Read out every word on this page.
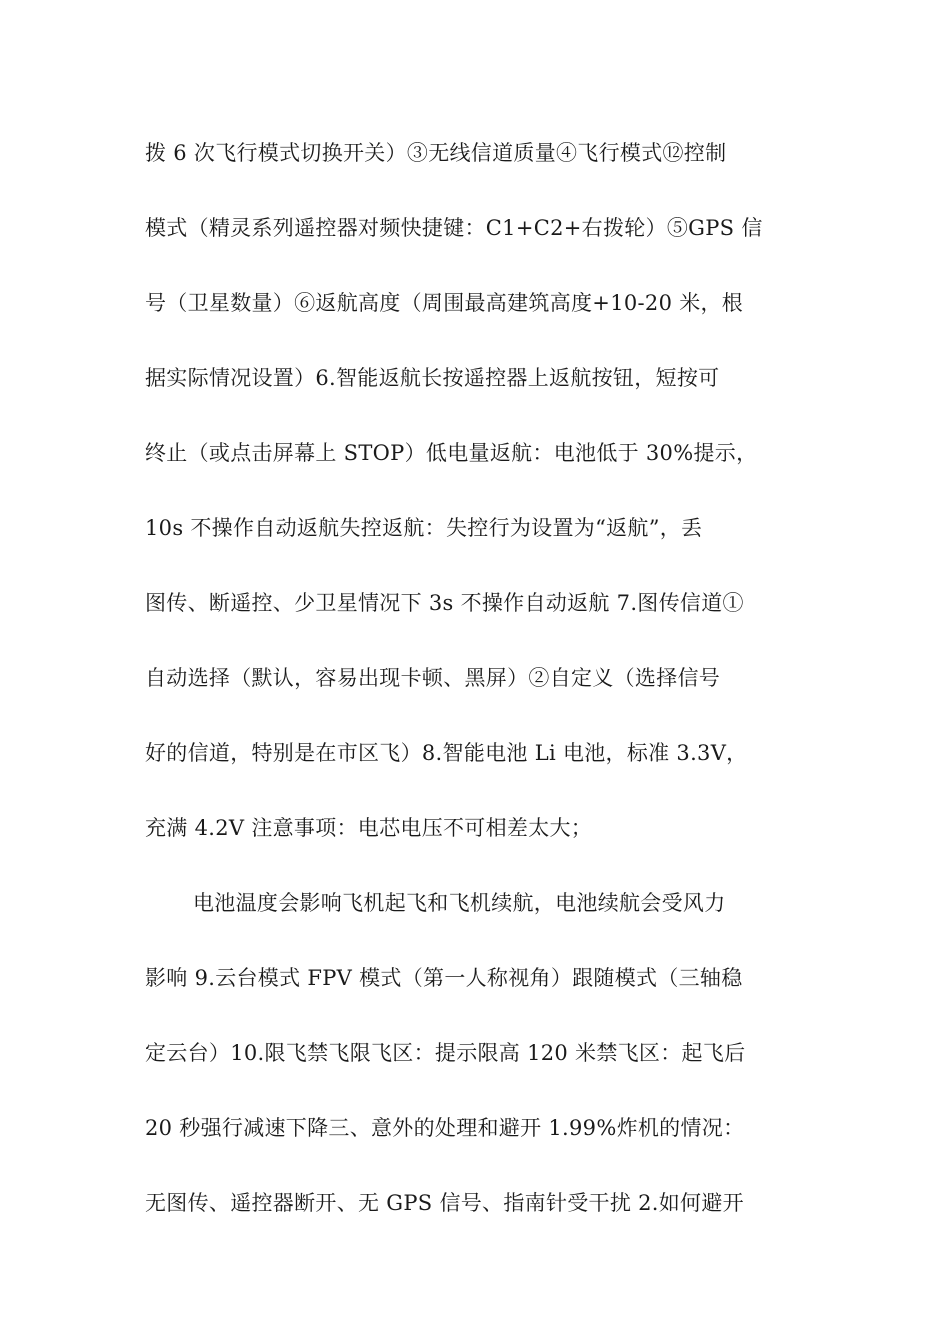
拨 6 次飞行模式切换开关）③无线信道质量④飞行模式⑫控制
模式（精灵系列遥控器对频快捷键：C1+C2+右拨轮）⑤GPS 信
号（卫星数量）⑥返航高度（周围最高建筑高度+10-20 米，根
据实际情况设置）6.智能返航长按遥控器上返航按钮，短按可
终止（或点击屏幕上 STOP）低电量返航：电池低于 30%提示，
10s 不操作自动返航失控返航：失控行为设置为“返航”，丢
图传、断遥控、少卫星情况下 3s 不操作自动返航 7.图传信道①
自动选择（默认，容易出现卡顿、黑屏）②自定义（选择信号
好的信道，特别是在市区飞）8.智能电池 Li 电池，标准 3.3V，
充满 4.2V 注意事项：电芯电压不可相差太大；
电池温度会影响飞机起飞和飞机续航，电池续航会受风力
影响 9.云台模式 FPV 模式（第一人称视角）跟随模式（三轴稳
定云台）10.限飞禁飞限飞区：提示限高 120 米禁飞区：起飞后
20 秒强行减速下降三、意外的处理和避开 1.99%炸机的情况：
无图传、遥控器断开、无 GPS 信号、指南针受干扰 2.如何避开
